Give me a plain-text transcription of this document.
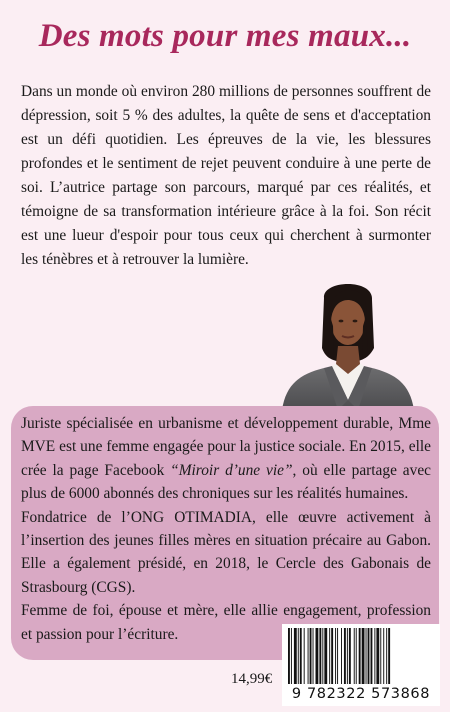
Des mots pour mes maux...

Dans un monde où environ 280 millions de personnes souffrent de dépression, soit 5 % des adultes, la quête de sens et d'acceptation est un défi quotidien. Les épreuves de la vie, les blessures profondes et le sentiment de rejet peuvent conduire à une perte de soi. L’autrice partage son parcours, marqué par ces réalités, et témoigne de sa transformation intérieure grâce à la foi. Son récit est une lueur d'espoir pour tous ceux qui cherchent à surmonter les ténèbres et à retrouver la lumière.

Juriste spécialisée en urbanisme et développement durable, Mme MVE est une femme engagée pour la justice sociale. En 2015, elle crée la page Facebook “Miroir d’une vie”, où elle partage avec plus de 6000 abonnés des chroniques sur les réalités humaines.

Fondatrice de l’ONG OTIMADIA, elle œuvre activement à l’insertion des jeunes filles mères en situation précaire au Gabon. Elle a également présidé, en 2018, le Cercle des Gabonais de Strasbourg (CGS).

Femme de foi, épouse et mère, elle allie engagement, profession et passion pour l’écriture.

14,99€
9 782322 573868
